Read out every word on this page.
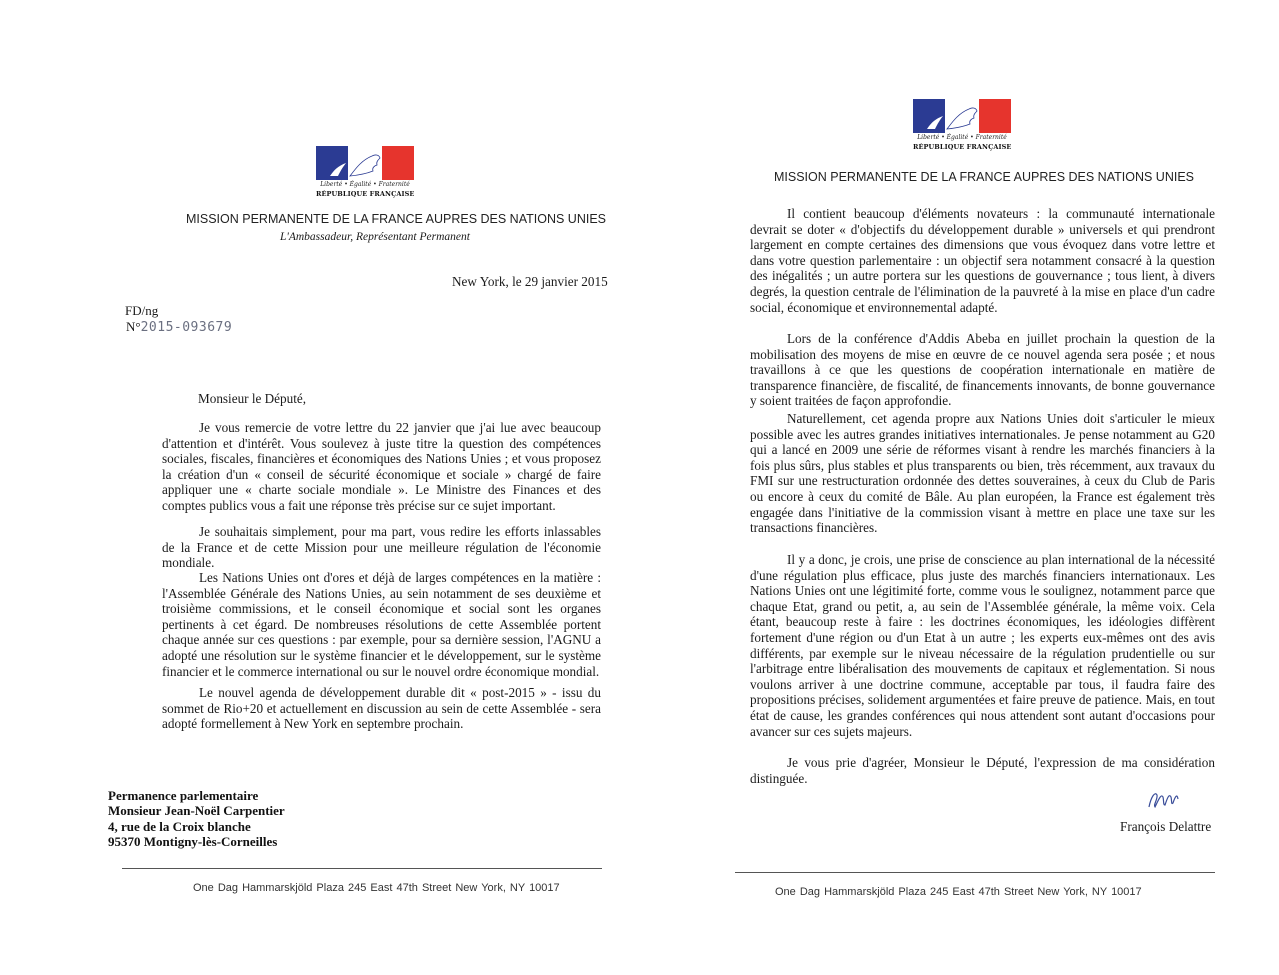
Liberté • Égalité • Fraternité
RÉPUBLIQUE FRANÇAISE
MISSION PERMANENTE DE LA FRANCE AUPRES DES NATIONS UNIES
L'Ambassadeur, Représentant Permanent
New York, le 29 janvier 2015
FD/ng
N°2015-093679
Monsieur le Député,
Je vous remercie de votre lettre du 22 janvier que j'ai lue avec beaucoup d'attention et d'intérêt. Vous soulevez à juste titre la question des compétences sociales, fiscales, financières et économiques des Nations Unies ; et vous proposez la création d'un « conseil de sécurité économique et sociale » chargé de faire appliquer une « charte sociale mondiale ». Le Ministre des Finances et des comptes publics vous a fait une réponse très précise sur ce sujet important.
Je souhaitais simplement, pour ma part, vous redire les efforts inlassables de la France et de cette Mission pour une meilleure régulation de l'économie mondiale.
Les Nations Unies ont d'ores et déjà de larges compétences en la matière : l'Assemblée Générale des Nations Unies, au sein notamment de ses deuxième et troisième commissions, et le conseil économique et social sont les organes pertinents à cet égard. De nombreuses résolutions de cette Assemblée portent chaque année sur ces questions : par exemple, pour sa dernière session, l'AGNU a adopté une résolution sur le système financier et le développement, sur le système financier et le commerce international ou sur le nouvel ordre économique mondial.
Le nouvel agenda de développement durable dit « post-2015 » - issu du sommet de Rio+20 et actuellement en discussion au sein de cette Assemblée - sera adopté formellement à New York en septembre prochain.
Permanence parlementaire
Monsieur Jean-Noël Carpentier
4, rue de la Croix blanche
95370 Montigny-lès-Corneilles
One Dag Hammarskjöld Plaza 245 East 47th Street New York, NY 10017
Liberté • Égalité • Fraternité
RÉPUBLIQUE FRANÇAISE
MISSION PERMANENTE DE LA FRANCE AUPRES DES NATIONS UNIES
Il contient beaucoup d'éléments novateurs : la communauté internationale devrait se doter « d'objectifs du développement durable » universels et qui prendront largement en compte certaines des dimensions que vous évoquez dans votre lettre et dans votre question parlementaire : un objectif sera notamment consacré à la question des inégalités ; un autre portera sur les questions de gouvernance ; tous lient, à divers degrés, la question centrale de l'élimination de la pauvreté à la mise en place d'un cadre social, économique et environnemental adapté.
Lors de la conférence d'Addis Abeba en juillet prochain la question de la mobilisation des moyens de mise en œuvre de ce nouvel agenda sera posée ; et nous travaillons à ce que les questions de coopération internationale en matière de transparence financière, de fiscalité, de financements innovants, de bonne gouvernance y soient traitées de façon approfondie.
Naturellement, cet agenda propre aux Nations Unies doit s'articuler le mieux possible avec les autres grandes initiatives internationales. Je pense notamment au G20 qui a lancé en 2009 une série de réformes visant à rendre les marchés financiers à la fois plus sûrs, plus stables et plus transparents ou bien, très récemment, aux travaux du FMI sur une restructuration ordonnée des dettes souveraines, à ceux du Club de Paris ou encore à ceux du comité de Bâle. Au plan européen, la France est également très engagée dans l'initiative de la commission visant à mettre en place une taxe sur les transactions financières.
Il y a donc, je crois, une prise de conscience au plan international de la nécessité d'une régulation plus efficace, plus juste des marchés financiers internationaux. Les Nations Unies ont une légitimité forte, comme vous le soulignez, notamment parce que chaque Etat, grand ou petit, a, au sein de l'Assemblée générale, la même voix. Cela étant, beaucoup reste à faire : les doctrines économiques, les idéologies diffèrent fortement d'une région ou d'un Etat à un autre ; les experts eux-mêmes ont des avis différents, par exemple sur le niveau nécessaire de la régulation prudentielle ou sur l'arbitrage entre libéralisation des mouvements de capitaux et réglementation. Si nous voulons arriver à une doctrine commune, acceptable par tous, il faudra faire des propositions précises, solidement argumentées et faire preuve de patience. Mais, en tout état de cause, les grandes conférences qui nous attendent sont autant d'occasions pour avancer sur ces sujets majeurs.
Je vous prie d'agréer, Monsieur le Député, l'expression de ma considération distinguée.
François Delattre
One Dag Hammarskjöld Plaza 245 East 47th Street New York, NY 10017
